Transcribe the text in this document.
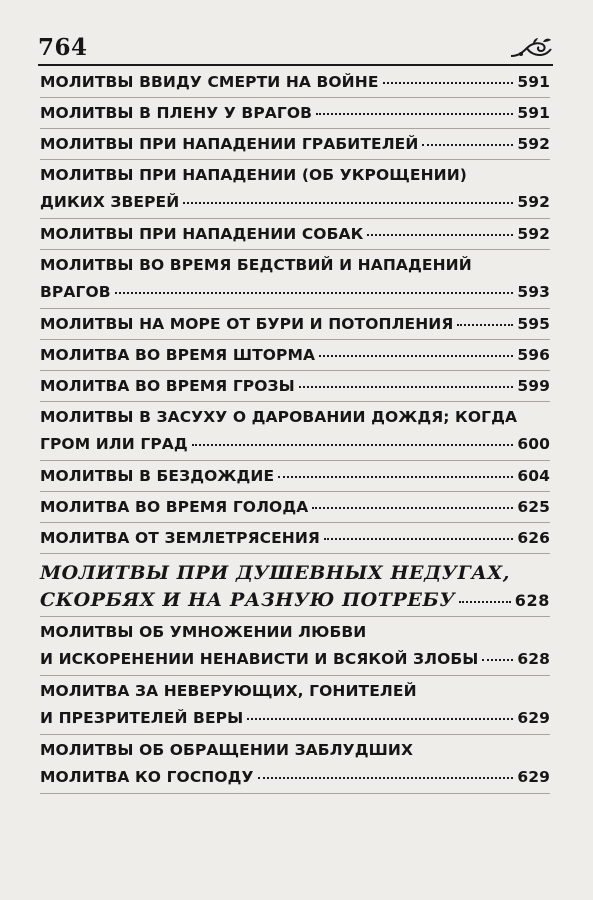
764
МОЛИТВЫ ВВИДУ СМЕРТИ НА ВОЙНЕ	591
МОЛИТВЫ В ПЛЕНУ У ВРАГОВ	591
МОЛИТВЫ ПРИ НАПАДЕНИИ ГРАБИТЕЛЕЙ	592
МОЛИТВЫ ПРИ НАПАДЕНИИ (ОБ УКРОЩЕНИИ)
ДИКИХ ЗВЕРЕЙ	592
МОЛИТВЫ ПРИ НАПАДЕНИИ СОБАК	592
МОЛИТВЫ ВО ВРЕМЯ БЕДСТВИЙ И НАПАДЕНИЙ
ВРАГОВ	593
МОЛИТВЫ НА МОРЕ ОТ БУРИ И ПОТОПЛЕНИЯ	595
МОЛИТВА ВО ВРЕМЯ ШТОРМА	596
МОЛИТВА ВО ВРЕМЯ ГРОЗЫ	599
МОЛИТВЫ В ЗАСУХУ О ДАРОВАНИИ ДОЖДЯ; КОГДА
ГРОМ ИЛИ ГРАД	600
МОЛИТВЫ В БЕЗДОЖДИЕ	604
МОЛИТВА ВО ВРЕМЯ ГОЛОДА	625
МОЛИТВА ОТ ЗЕМЛЕТРЯСЕНИЯ	626
МОЛИТВЫ ПРИ ДУШЕВНЫХ НЕДУГАХ,
СКОРБЯХ И НА РАЗНУЮ ПОТРЕБУ	628
МОЛИТВЫ ОБ УМНОЖЕНИИ ЛЮБВИ
И ИСКОРЕНЕНИИ НЕНАВИСТИ И ВСЯКОЙ ЗЛОБЫ	628
МОЛИТВА ЗА НЕВЕРУЮЩИХ, ГОНИТЕЛЕЙ
И ПРЕЗРИТЕЛЕЙ ВЕРЫ	629
МОЛИТВЫ ОБ ОБРАЩЕНИИ ЗАБЛУДШИХ
МОЛИТВА КО ГОСПОДУ	629
